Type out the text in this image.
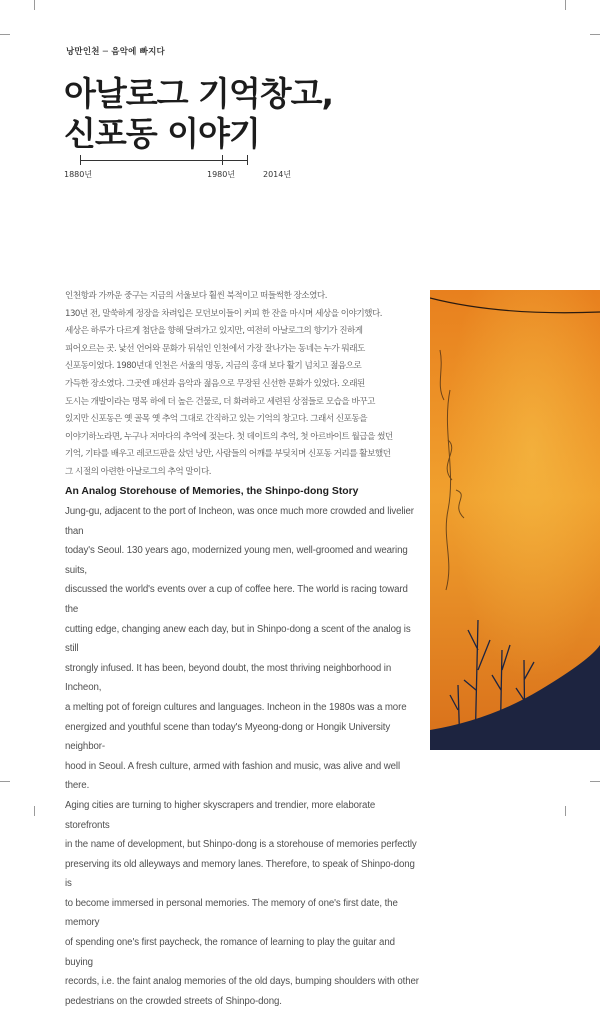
낭만인천 ─ 음악에 빠지다
아날로그 기억창고,
신포동 이야기
1880년	1980년	2014년

인천항과 가까운 중구는 지금의 서울보다 훨씬 북적이고 떠들썩한 장소였다.

130년 전, 말쑥하게 정장을 차려입은 모던보이들이 커피 한 잔을 마시며 세상을 이야기했다.

세상은 하루가 다르게 첨단을 향해 달려가고 있지만, 여전히 아날로그의 향기가 진하게

피어오르는 곳. 낯선 언어와 문화가 뒤섞인 인천에서 가장 잘나가는 동네는 누가 뭐래도

신포동이었다. 1980년대 인천은 서울의 명동, 지금의 홍대 보다 활기 넘치고 젊음으로

가득한 장소였다. 그곳엔 패션과 음악과 젊음으로 무장된 신선한 문화가 있었다. 오래된

도시는 개발이라는 명목 하에 더 높은 건물로, 더 화려하고 세련된 상점들로 모습을 바꾸고

있지만 신포동은 옛 골목 옛 추억 그대로 간직하고 있는 기억의 창고다. 그래서 신포동을

이야기하노라면, 누구나 저마다의 추억에 젖는다. 첫 데이트의 추억, 첫 아르바이트 월급을 썼던

기억, 기타를 배우고 레코드판을 샀던 낭만, 사람들의 어깨를 부딪치며 신포동 거리를 활보했던

그 시절의 아련한 아날로그의 추억 말이다.

An Analog Storehouse of Memories, the Shinpo-dong Story

Jung-gu, adjacent to the port of Incheon, was once much more crowded and livelier than

today's Seoul. 130 years ago, modernized young men, well-groomed and wearing suits,

discussed the world's events over a cup of coffee here. The world is racing toward the

cutting edge, changing anew each day, but in Shinpo-dong a scent of the analog is still

strongly infused. It has been, beyond doubt, the most thriving neighborhood in Incheon,

a melting pot of foreign cultures and languages. Incheon in the 1980s was a more

energized and youthful scene than today's Myeong-dong or Hongik University neighbor-

hood in Seoul. A fresh culture, armed with fashion and music, was alive and well there.

Aging cities are turning to higher skyscrapers and trendier, more elaborate storefronts

in the name of development, but Shinpo-dong is a storehouse of memories perfectly

preserving its old alleyways and memory lanes. Therefore, to speak of Shinpo-dong is

to become immersed in personal memories. The memory of one's first date, the memory

of spending one's first paycheck, the romance of learning to play the guitar and buying

records, i.e. the faint analog memories of the old days, bumping shoulders with other

pedestrians on the crowded streets of Shinpo-dong.
